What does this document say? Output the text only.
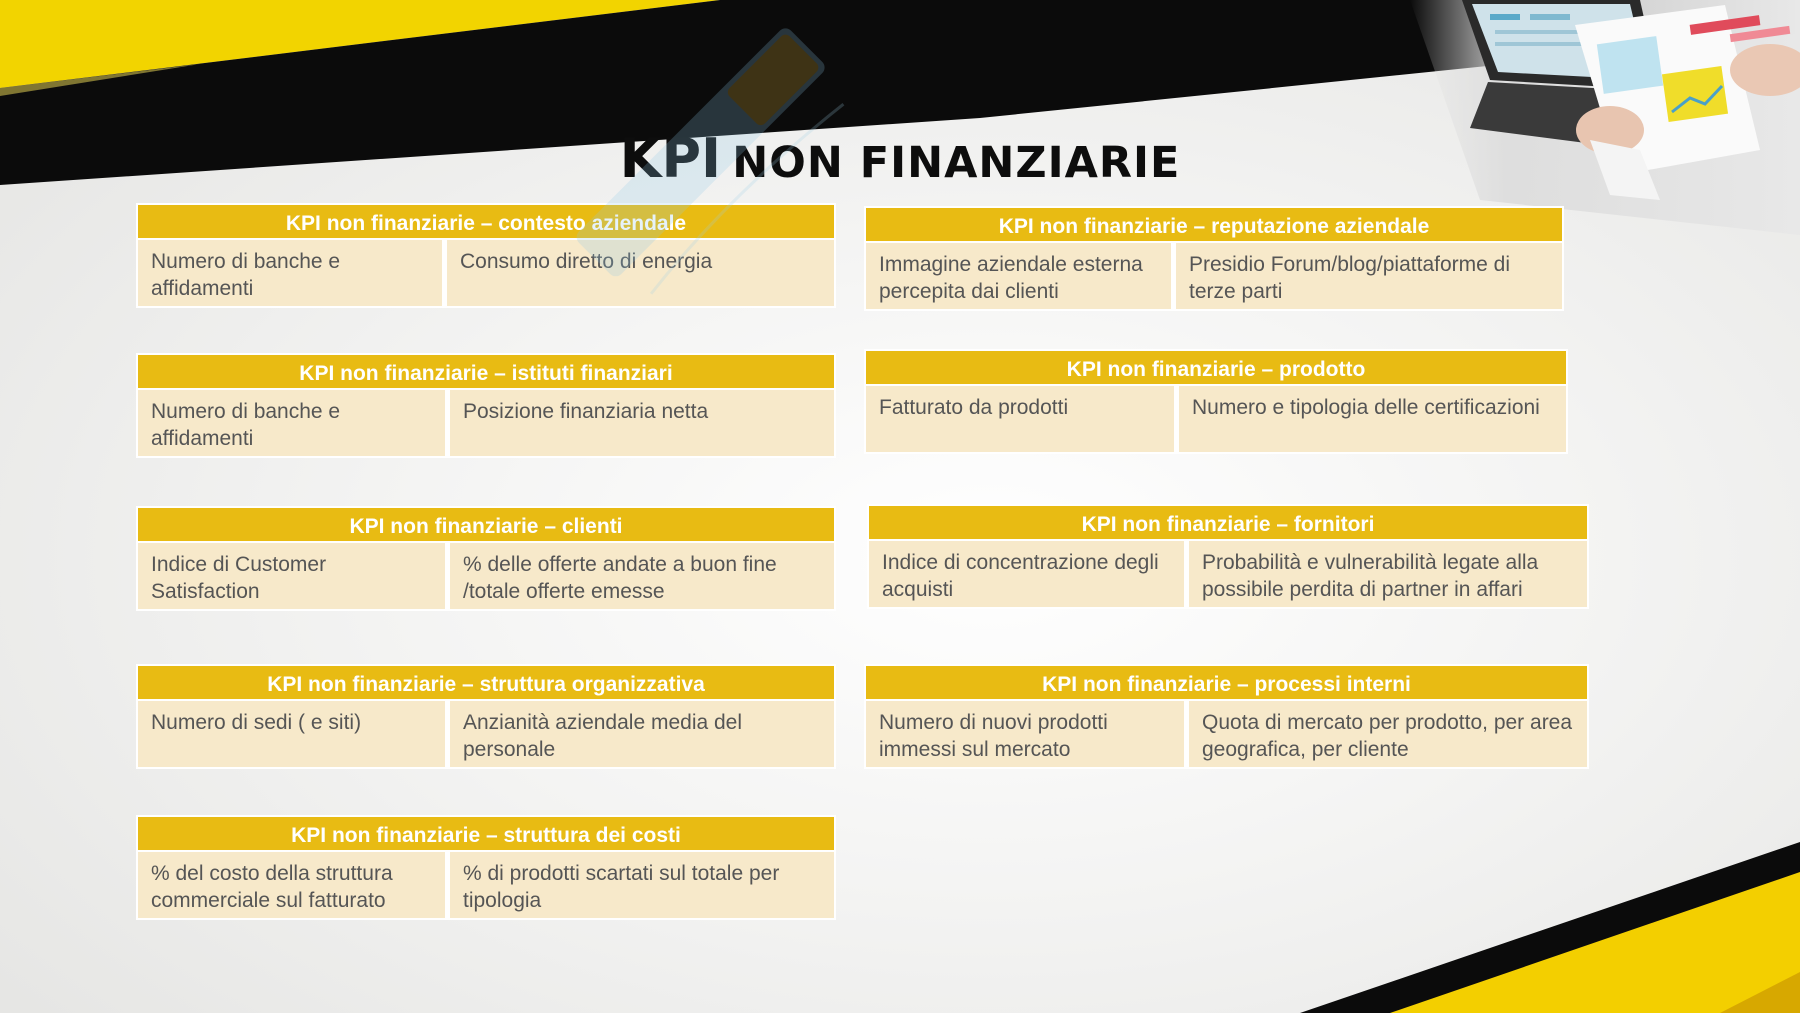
KPI NON FINANZIARIE
KPI non finanziarie – contesto aziendale
Numero di banche e affidamenti
Consumo diretto di energia
KPI non finanziarie – reputazione aziendale
Immagine aziendale esterna percepita dai clienti
Presidio Forum/blog/piattaforme di terze parti
KPI non finanziarie – istituti finanziari
Numero di banche e affidamenti
Posizione finanziaria netta
KPI non finanziarie – prodotto
Fatturato da prodotti	Numero e tipologia delle certificazioni
KPI non finanziarie – clienti
Indice di Customer Satisfaction
% delle offerte andate a buon fine /totale offerte emesse
KPI non finanziarie – fornitori
Indice di concentrazione degli acquisti
Probabilità e vulnerabilità legate alla possibile perdita di partner in affari
KPI non finanziarie – struttura organizzativa
Numero di sedi ( e siti)	Anzianità aziendale media del personale
KPI non finanziarie – processi interni
Numero di nuovi prodotti immessi sul mercato
Quota di mercato per prodotto, per area geografica, per cliente
KPI non finanziarie – struttura dei costi
% del costo della struttura commerciale sul fatturato
% di prodotti scartati sul totale per tipologia
